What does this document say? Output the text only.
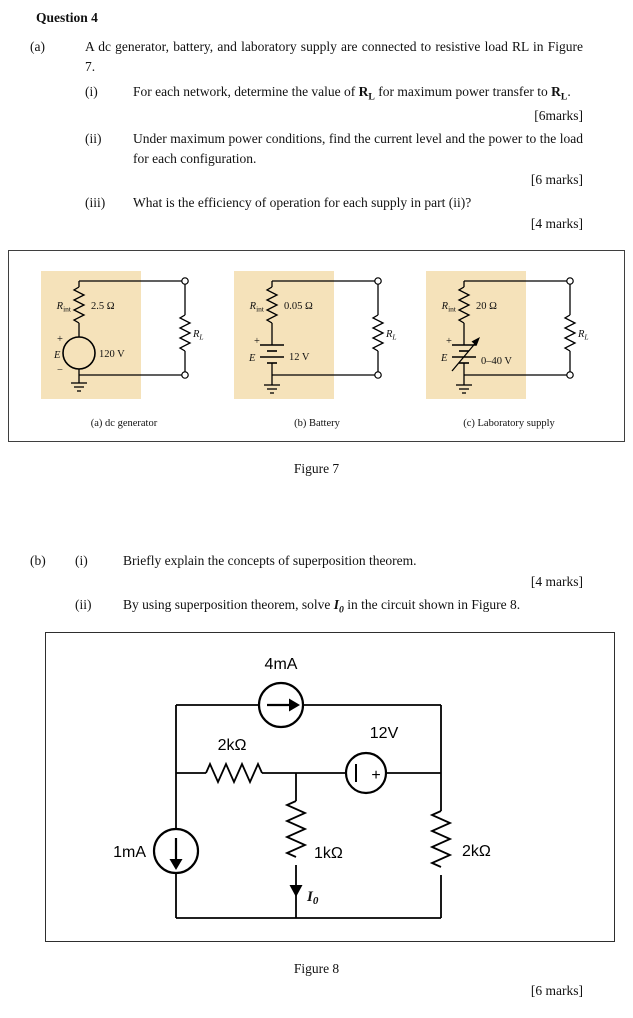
Question 4
(a)	A dc generator, battery, and laboratory supply are connected to resistive load RL in Figure 7.

(i)	For each network, determine the value of $R_L$ for maximum power transfer to $R_L$.
[6marks]
(ii)	Under maximum power conditions, find the current level and the power to the load for each configuration.
[6 marks]
(iii)	What is the efficiency of operation for each supply in part (ii)?
[4 marks]
$R_{int}$ 2.5 Ω
+
E
−
120 V
$R_L$
(a) dc generator
$R_{int}$ 0.05 Ω
+
E	12 V
$R_L$
(b) Battery
$R_{int}$ 20 Ω
+
E	0–40 V
$R_L$
(c) Laboratory supply
Figure 7
(b)	(i)	Briefly explain the concepts of superposition theorem.
[4 marks]
(ii)	By using superposition theorem, solve $I_0$ in the circuit shown in Figure 8.
+
4mA
2kΩ
12V
1mA	1kΩ	2kΩ
$I_0$
Figure 8
[6 marks]
